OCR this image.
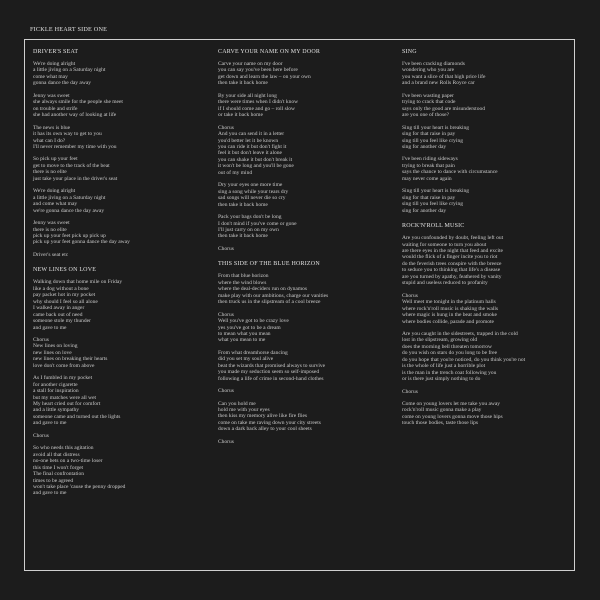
FICKLE HEART SIDE ONE
DRIVER'S SEAT
We're doing alright
a little jiving on a Saturday night
come what may
gonna dance the day away
Jenny was sweet
she always smile for the people she meet
on trouble and strife
she had another way of looking at life
The news is blue
it has its own way to get to you
what can I do?
I'll never remember my time with you
So pick up your feet
get to move to the track of the beat
there is no elite
just take your place in the driver's seat
We're doing alright
a little jiving on a Saturday night
and come what may
we're gonna dance the day away
Jenny was sweet
there is no elite
pick up your feet pick up pick up
pick up your feet gonna dance the day away
Driver's seat etc
NEW LINES ON LOVE
Walking down that home mile on Friday
like a dog without a bone
pay packet hot in my pocket
why should I feel so all alone
I walked away in anger
came back out of need
someone stole my thunder
and gave to me
Chorus
New lines on loving
new lines on love
new lines on breaking their hearts
love don't come from above
As I fumbled in my pocket
for another cigarette
a stall for inspiration
but my matches were all wet
My heart cried out for comfort
and a little sympathy
someone came and turned out the lights
and gave to me
Chorus
So who needs this agitation
avoid all that distress
no-one bets on a two-time loser
this time I won't forget
The final confrontation
times to be agreed
won't take place 'cause the penny dropped
and gave to me
CARVE YOUR NAME ON MY DOOR
Carve your name on my door
you can say you've been here before
get down and learn the law – on your own
then take it back home
By your side all night long
there were times when I didn't know
if I should come and go – roll slow
or take it back home
Chorus
And you can send it in a letter
you'd better let it be known
you can ride it but don't fight it
feel it but don't leave it alone
you can shake it but don't break it
it won't be long and you'll be gone
out of my mind
Dry your eyes one more time
sing a song while your tears dry
sad songs will never die so cry
then take it back home
Pack your bags don't be long
I don't mind if you've come or gone
I'll just carry on on my own
then take it back home
Chorus
THIS SIDE OF THE BLUE HORIZON
From that blue horizon
where the wind blows
where the deal-deciders run on dynamos
make play with our ambitions, charge our vanities
then truck us in the slipstream of a cool breeze
Chorus
Well you've got to be crazy love
yes you've got to be a dream
to mean what you mean
what you mean to me
From what dreamhorse dancing
did you set my soul alive
beat the wizards that promised always to survive
you made my seduction seem so self-imposed
following a life of crime in second-hand clothes
Chorus
Can you hold me
hold me with your eyes
then kiss my memory alive like fire flies
come on take me raving down your city streets
down a dark back alley to your cool sheets
Chorus
SING
I've been cracking diamonds
wondering who you are
you want a slice of that high price life
and a brand new Rolls Royce car
I've been wasting paper
trying to crack that code
says only the good are misunderstood
are you one of those?
Sing till your heart is breaking
sing for that raise in pay
sing till you feel like crying
sing for another day
I've been riding sideways
trying to break that pain
says the chance to dance with circumstance
may never come again
Sing till your heart is breaking
sing for that raise in pay
sing till you feel like crying
sing for another day
ROCK'N'ROLL MUSIC
Are you confounded by doubt, feeling left out
waiting for someone to turn you about
are there eyes in the night that feed and excite
would the flick of a finger incite you to riot
do the feverish trees conspire with the breeze
to seduce you to thinking that life's a disease
are you turned by apathy, feathered by vanity
stupid and useless reduced to profanity
Chorus
Well meet me tonight in the platinum halls
where rock'n'roll music is shaking the walls
where magic is hung in the beat and smoke
where bodies collide, parade and promote
Are you caught in the sidestreets, trapped in the cold
lost in the slipstream, growing old
does the morning bell threaten tomorrow
do you wish on stars do you long to be free
do you hope that you're noticed, do you think you're not
is the whole of life just a horrible plot
is the man in the trench coat following you
or is there just simply nothing to do
Chorus
Come on young lovers let me take you away
rock'n'roll music gonna make a play
come on young lovers gonna move those hips
touch those bodies, taste those lips
